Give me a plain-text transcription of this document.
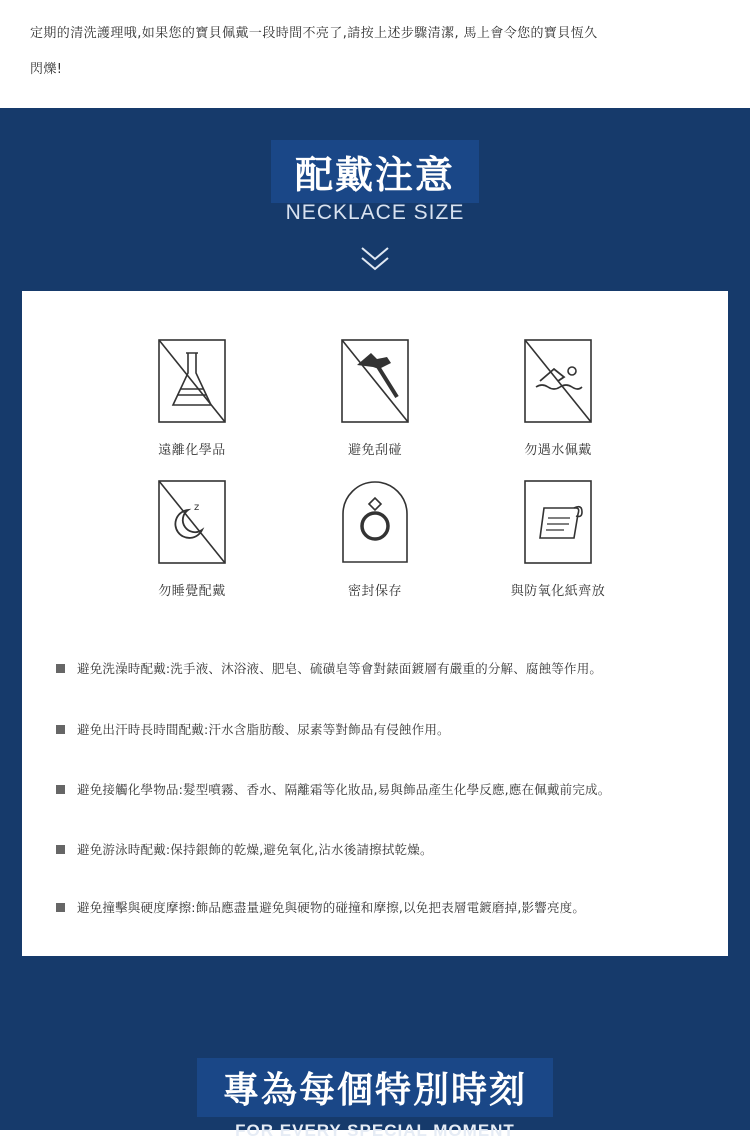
定期的清洗護理哦,如果您的寶貝佩戴一段時間不亮了,請按上述步驟清潔, 馬上會令您的寶貝恆久
閃爍!
配戴注意
NECKLACE SIZE
遠離化學品	避免刮碰	勿遇水佩戴
z
勿睡覺配戴	密封保存	與防氧化紙齊放
避免洗澡時配戴:洗手液、沐浴液、肥皂、硫磺皂等會對錶面鍍層有嚴重的分解、腐蝕等作用。
避免出汗時長時間配戴:汗水含脂肪酸、尿素等對飾品有侵蝕作用。
避免接觸化學物品:髮型噴霧、香水、隔離霜等化妝品,易與飾品產生化學反應,應在佩戴前完成。
避免游泳時配戴:保持銀飾的乾燥,避免氧化,沾水後請擦拭乾燥。
避免撞擊與硬度摩擦:飾品應盡量避免與硬物的碰撞和摩擦,以免把表層電鍍磨掉,影響亮度。
專為每個特別時刻
FOR EVERY SPECIAL MOMENT
